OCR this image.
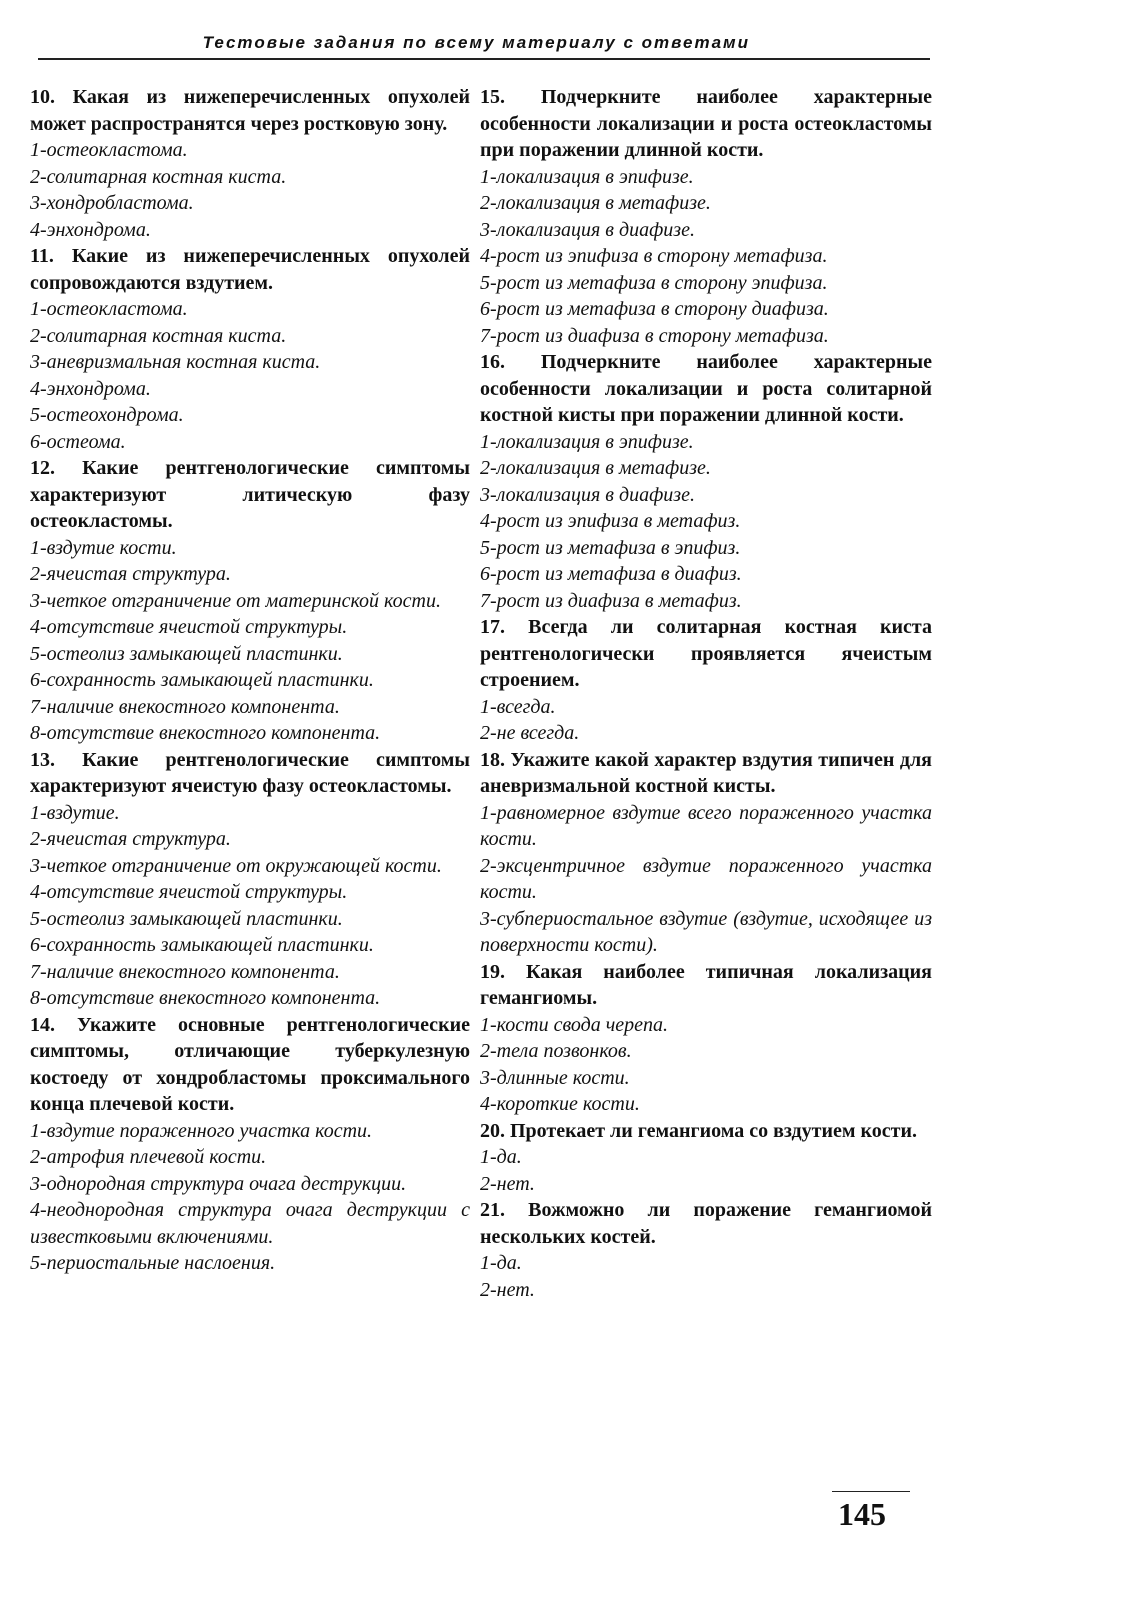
Тестовые задания по всему материалу с ответами
10. Какая из нижеперечисленных опухолей может распространятся через ростковую зону.
1-остеокластома.
2-солитарная костная киста.
3-хондробластома.
4-энхондрома.
11. Какие из нижеперечисленных опухолей сопровождаются вздутием.
1-остеокластома.
2-солитарная костная киста.
3-аневризмальная костная киста.
4-энхондрома.
5-остеохондрома.
6-остеома.
12. Какие рентгенологические симптомы характеризуют литическую фазу остеокластомы.
1-вздутие кости.
2-ячеистая структура.
3-четкое отграничение от материнской кости.
4-отсутствие ячеистой структуры.
5-остеолиз замыкающей пластинки.
6-сохранность замыкающей пластинки.
7-наличие внекостного компонента.
8-отсутствие внекостного компонента.
13. Какие рентгенологические симптомы характеризуют ячеистую фазу остеокластомы.
1-вздутие.
2-ячеистая структура.
3-четкое отграничение от окружающей кости.
4-отсутствие ячеистой структуры.
5-остеолиз замыкающей пластинки.
6-сохранность замыкающей пластинки.
7-наличие внекостного компонента.
8-отсутствие внекостного компонента.
14. Укажите основные рентгенологические симптомы, отличающие туберкулезную костоеду от хондробластомы проксимального конца плечевой кости.
1-вздутие пораженного участка кости.
2-атрофия плечевой кости.
3-однородная структура очага деструкции.
4-неоднородная структура очага деструкции с известковыми включениями.
5-периостальные наслоения.
15. Подчеркните наиболее характерные особенности локализации и роста остеокластомы при поражении длинной кости.
1-локализация в эпифизе.
2-локализация в метафизе.
3-локализация в диафизе.
4-рост из эпифиза в сторону метафиза.
5-рост из метафиза в сторону эпифиза.
6-рост из метафиза в сторону диафиза.
7-рост из диафиза в сторону метафиза.
16. Подчеркните наиболее характерные особенности локализации и роста солитарной костной кисты при поражении длинной кости.
1-локализация в эпифизе.
2-локализация в метафизе.
3-локализация в диафизе.
4-рост из эпифиза в метафиз.
5-рост из метафиза в эпифиз.
6-рост из метафиза в диафиз.
7-рост из диафиза в метафиз.
17. Всегда ли солитарная костная киста рентгенологически проявляется ячеистым строением.
1-всегда.
2-не всегда.
18. Укажите какой характер вздутия типичен для аневризмальной костной кисты.
1-равномерное вздутие всего пораженного участка кости.
2-эксцентричное вздутие пораженного участка кости.
3-субпериостальное вздутие (вздутие, исходящее из поверхности кости).
19. Какая наиболее типичная локализация гемангиомы.
1-кости свода черепа.
2-тела позвонков.
3-длинные кости.
4-короткие кости.
20. Протекает ли гемангиома со вздутием кости.
1-да.
2-нет.
21. Вожможно ли поражение гемангиомой нескольких костей.
1-да.
2-нет.
145
